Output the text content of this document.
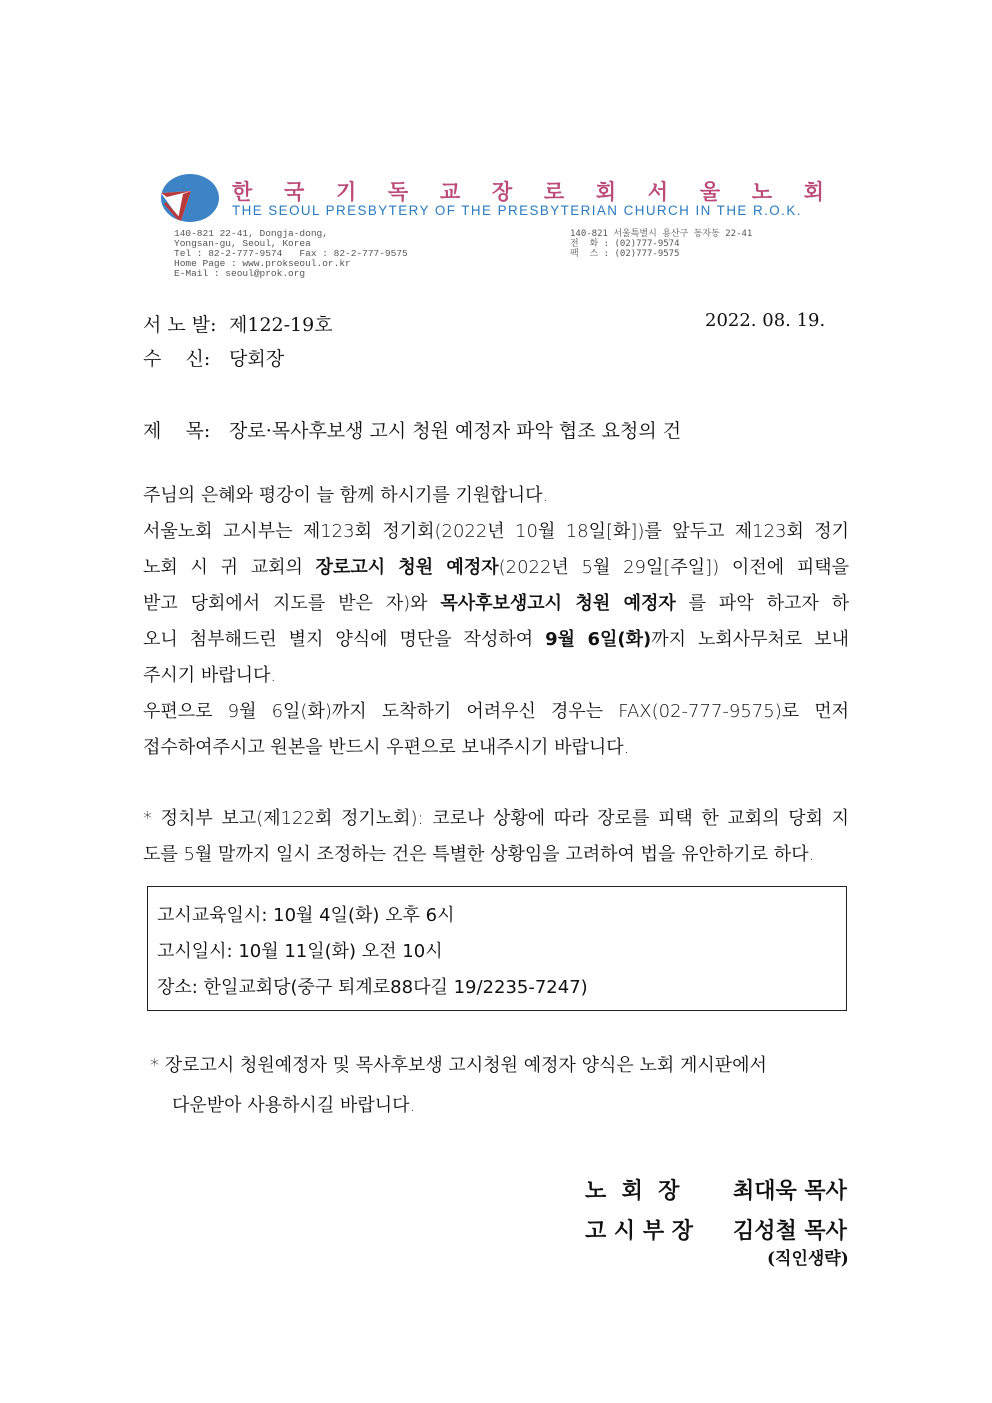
한 국 기 독 교 장 로 회 서 울 노 회
THE SEOUL PRESBYTERY OF THE PRESBYTERIAN CHURCH IN THE R.O.K.
140-821 22-41, Dongja-dong,
Yongsan-gu, Seoul, Korea
Tel : 82-2-777-9574   Fax : 82-2-777-9575
Home Page : www.prokseoul.or.kr
E-Mail : seoul@prok.org
140-821 서울특별시 용산구 동자동 22-41
전  화 : (02)777-9574
팩  스 : (02)777-9575
서 노 발: 제122-19호	2022. 08. 19.
수    신: 당회장
제    목: 장로·목사후보생 고시 청원 예정자 파악 협조 요청의 건
주님의 은혜와 평강이 늘 함께 하시기를 기원합니다.
서울노회 고시부는 제123회 정기회(2022년 10월 18일[화])를 앞두고 제123회 정기
노회 시 귀 교회의 장로고시 청원 예정자(2022년 5월 29일[주일]) 이전에 피택을
받고 당회에서 지도를 받은 자)와 목사후보생고시 청원 예정자 를 파악 하고자 하
오니 첨부해드린 별지 양식에 명단을 작성하여 9월 6일(화)까지 노회사무처로 보내
주시기 바랍니다.
우편으로 9월 6일(화)까지 도착하기 어려우신 경우는 FAX(02-777-9575)로 먼저
접수하여주시고 원본을 반드시 우편으로 보내주시기 바랍니다.
* 정치부 보고(제122회 정기노회): 코로나 상황에 따라 장로를 피택 한 교회의 당회 지
도를 5월 말까지 일시 조정하는 건은 특별한 상황임을 고려하여 법을 유안하기로 하다.
고시교육일시: 10월 4일(화) 오후 6시
고시일시: 10월 11일(화) 오전 10시
장소: 한일교회당(중구 퇴계로88다길 19/2235-7247)
* 장로고시 청원예정자 및 목사후보생 고시청원 예정자 양식은 노회 게시판에서
다운받아 사용하시길 바랍니다.
노  회  장 최대욱 목사
고 시 부 장 김성철 목사
(직인생략)
